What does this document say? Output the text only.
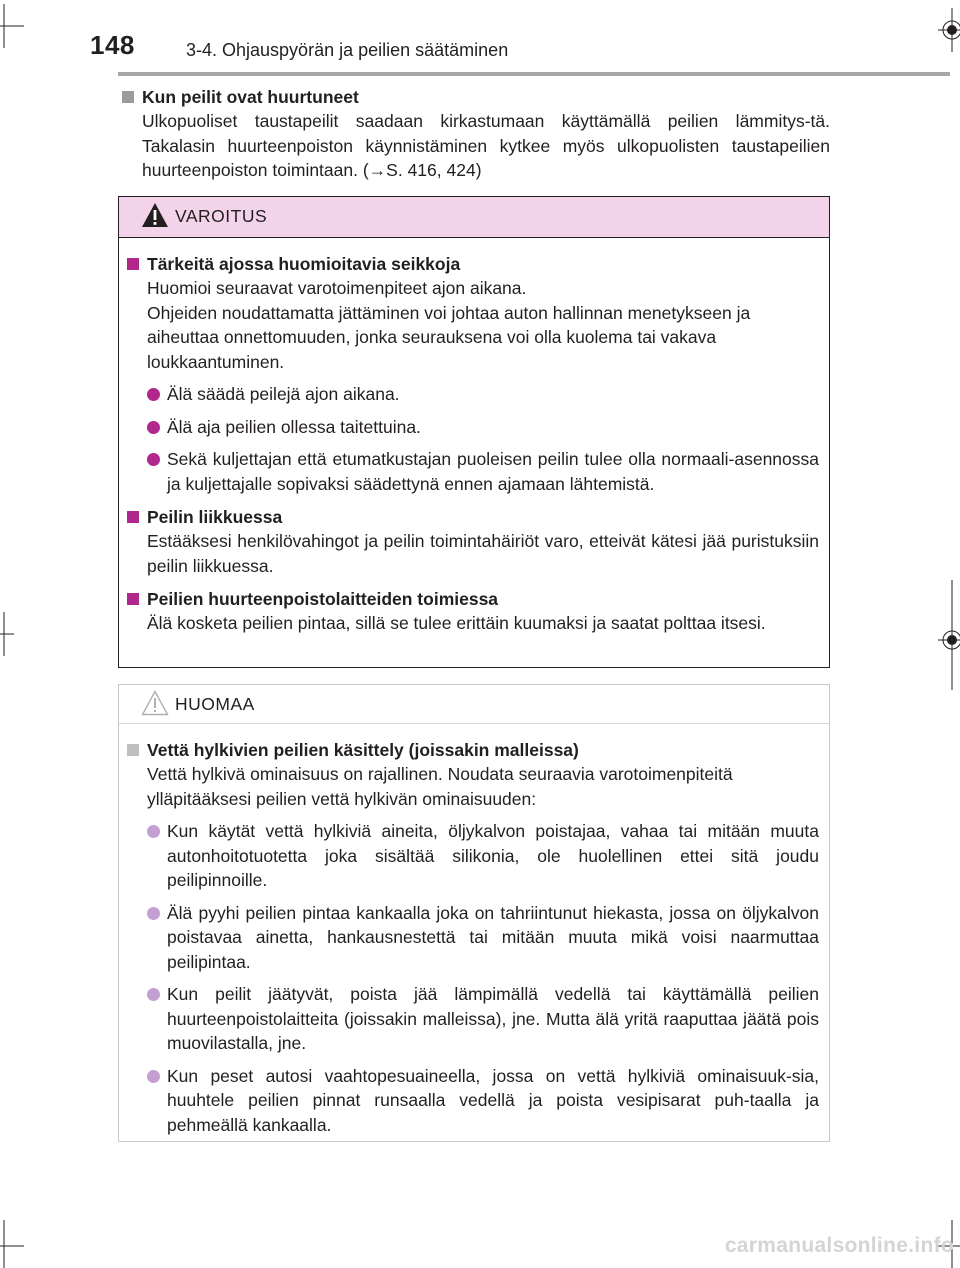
148	3-4. Ohjauspyörän ja peilien säätäminen
Kun peilit ovat huurtuneet
Ulkopuoliset taustapeilit saadaan kirkastumaan käyttämällä peilien lämmitys-tä. Takalasin huurteenpoiston käynnistäminen kytkee myös ulkopuolisten taustapeilien huurteenpoiston toimintaan. (→S. 416, 424)
VAROITUS
Tärkeitä ajossa huomioitavia seikkoja
Huomioi seuraavat varotoimenpiteet ajon aikana.
Ohjeiden noudattamatta jättäminen voi johtaa auton hallinnan menetykseen ja aiheuttaa onnettomuuden, jonka seurauksena voi olla kuolema tai vakava loukkaantuminen.
Älä säädä peilejä ajon aikana.
Älä aja peilien ollessa taitettuina.
Sekä kuljettajan että etumatkustajan puoleisen peilin tulee olla normaali-asennossa ja kuljettajalle sopivaksi säädettynä ennen ajamaan lähtemistä.
Peilin liikkuessa
Estääksesi henkilövahingot ja peilin toimintahäiriöt varo, etteivät kätesi jää puristuksiin peilin liikkuessa.
Peilien huurteenpoistolaitteiden toimiessa
Älä kosketa peilien pintaa, sillä se tulee erittäin kuumaksi ja saatat polttaa itsesi.
HUOMAA
Vettä hylkivien peilien käsittely (joissakin malleissa)
Vettä hylkivä ominaisuus on rajallinen. Noudata seuraavia varotoimenpiteitä ylläpitääksesi peilien vettä hylkivän ominaisuuden:
Kun käytät vettä hylkiviä aineita, öljykalvon poistajaa, vahaa tai mitään muuta autonhoitotuotetta joka sisältää silikonia, ole huolellinen ettei sitä joudu peilipinnoille.
Älä pyyhi peilien pintaa kankaalla joka on tahriintunut hiekasta, jossa on öljykalvon poistavaa ainetta, hankausnestettä tai mitään muuta mikä voisi naarmuttaa peilipintaa.
Kun peilit jäätyvät, poista jää lämpimällä vedellä tai käyttämällä peilien huurteenpoistolaitteita (joissakin malleissa), jne. Mutta älä yritä raaputtaa jäätä pois muovilastalla, jne.
Kun peset autosi vaahtopesuaineella, jossa on vettä hylkiviä ominaisuuk-sia, huuhtele peilien pinnat runsaalla vedellä ja poista vesipisarat puh-taalla ja pehmeällä kankaalla.
carmanualsonline.info
